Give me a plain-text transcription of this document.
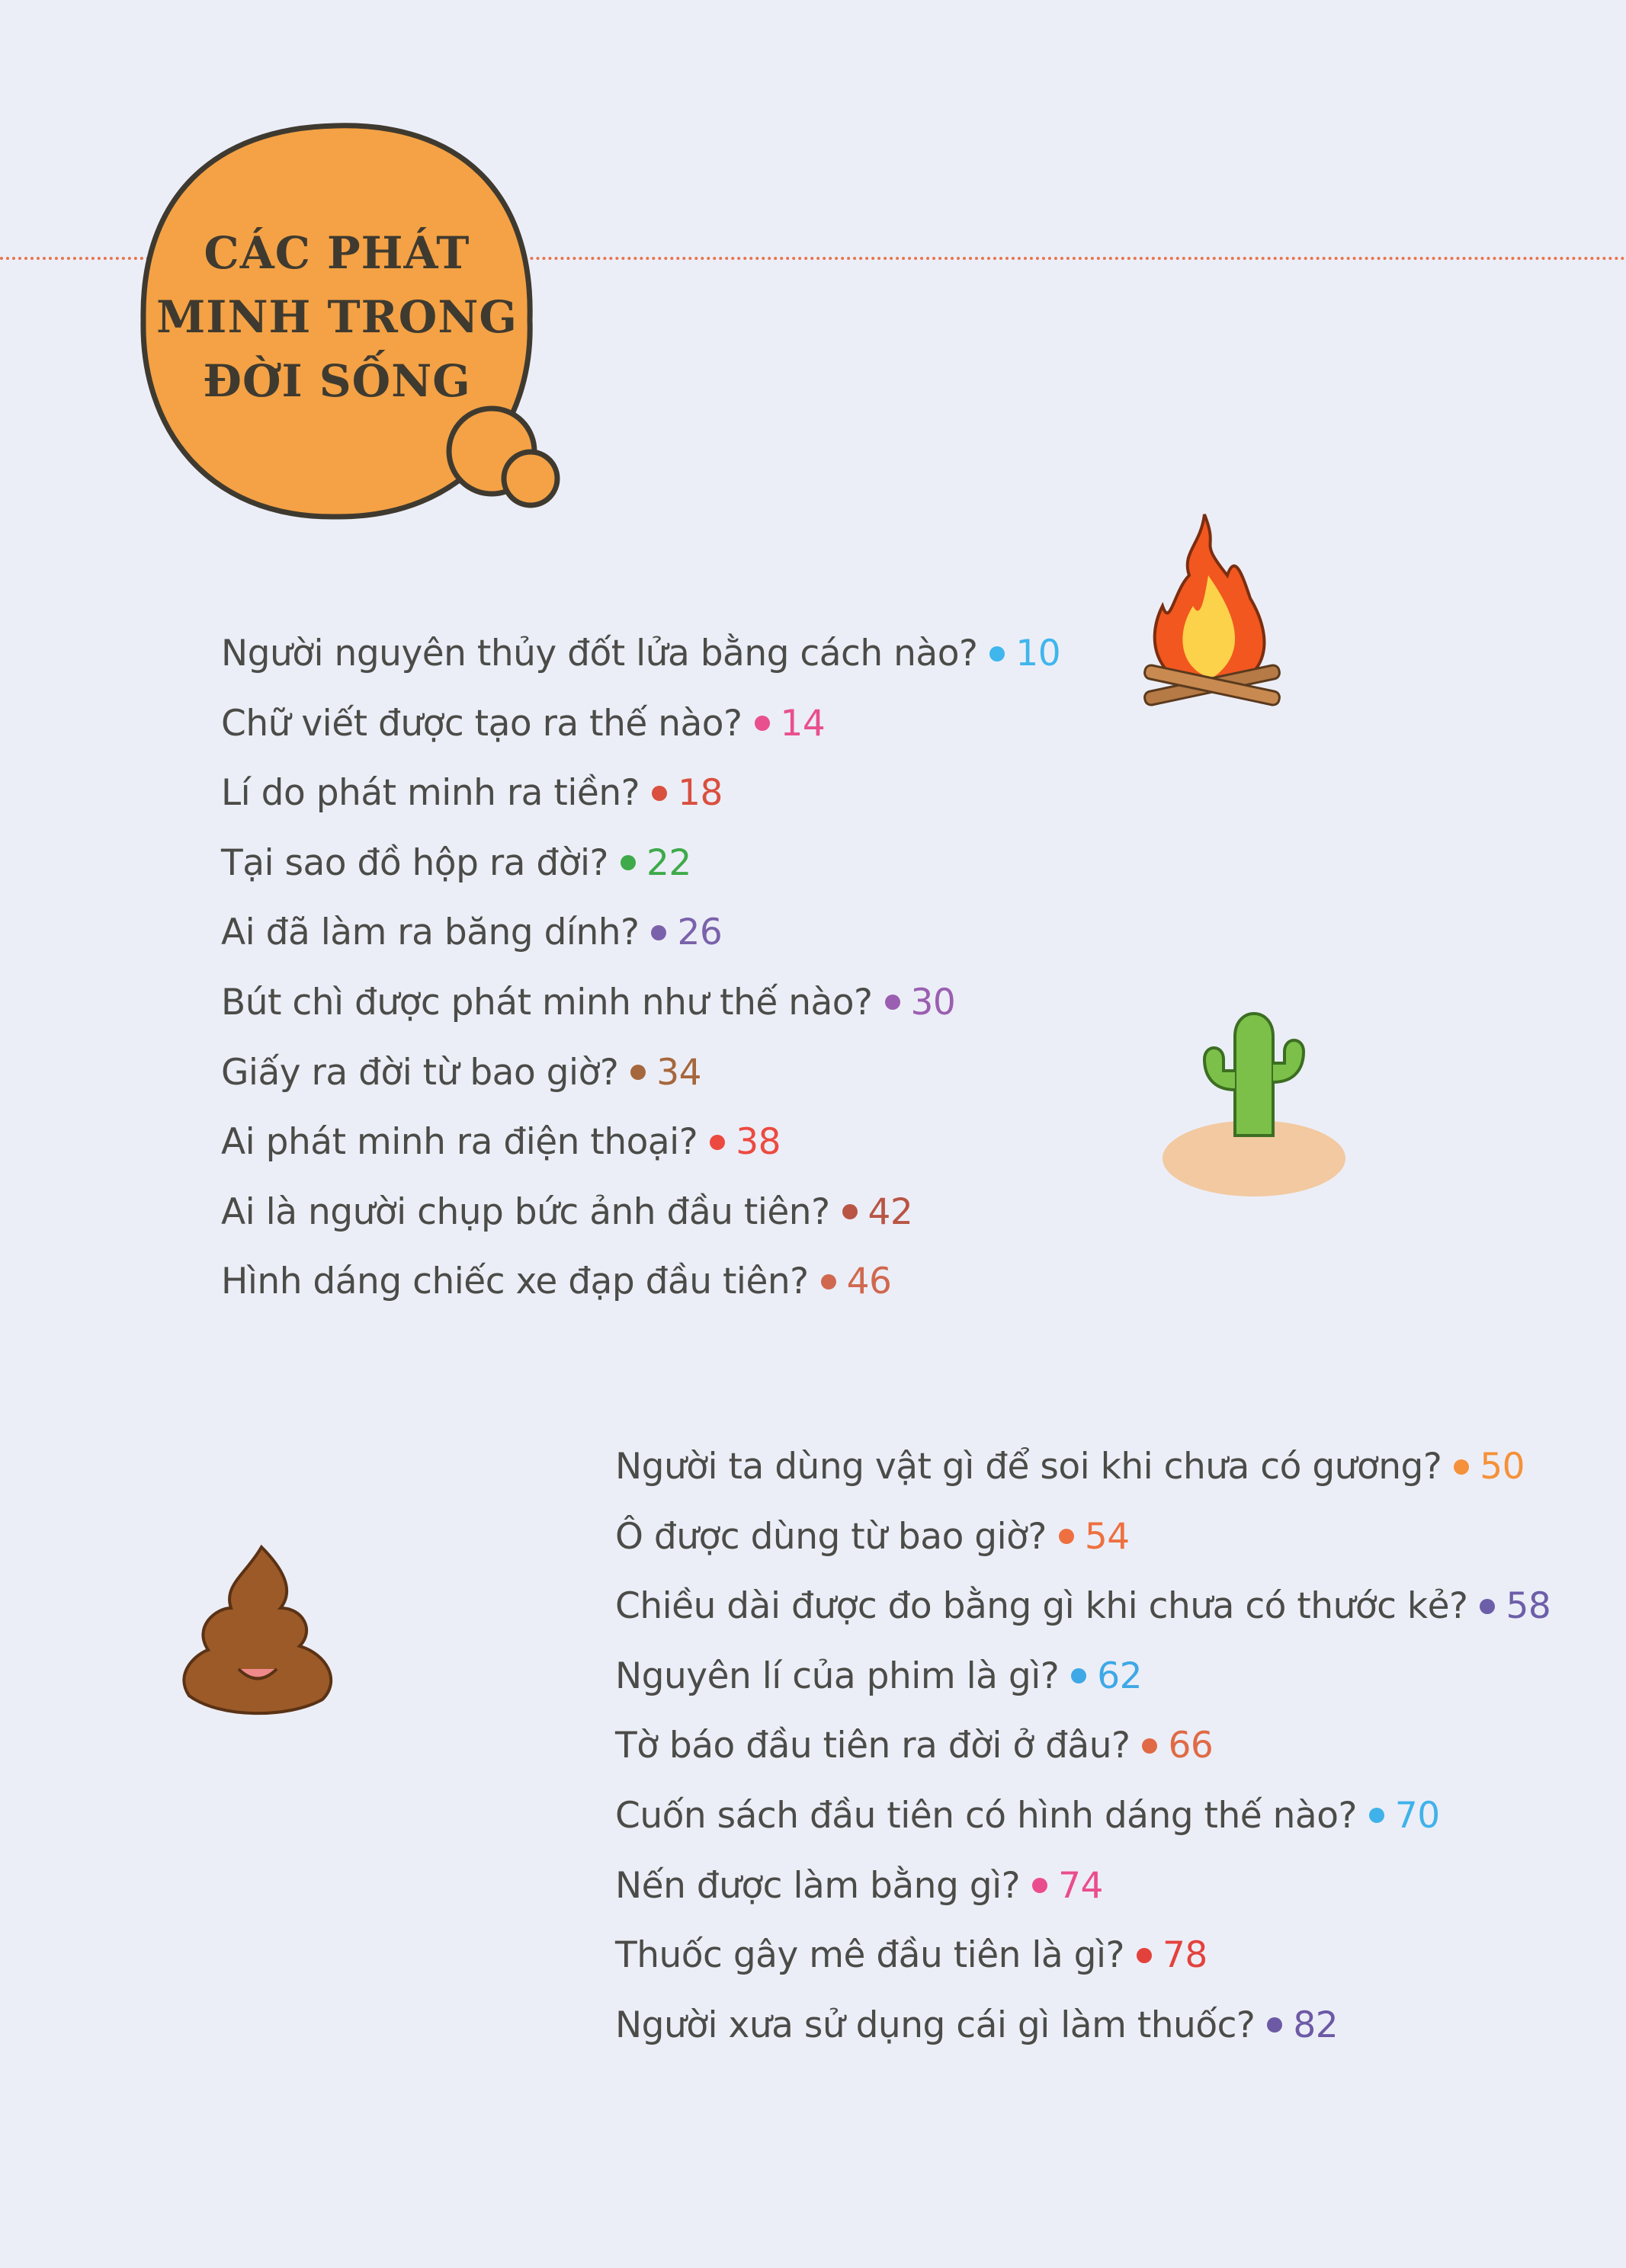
CÁC PHÁT
MINH TRONG
ĐỜI SỐNG
Người nguyên thủy đốt lửa bằng cách nào? 10
Chữ viết được tạo ra thế nào? 14
Lí do phát minh ra tiền? 18
Tại sao đồ hộp ra đời? 22
Ai đã làm ra băng dính? 26
Bút chì được phát minh như thế nào? 30
Giấy ra đời từ bao giờ? 34
Ai phát minh ra điện thoại? 38
Ai là người chụp bức ảnh đầu tiên? 42
Hình dáng chiếc xe đạp đầu tiên? 46
Người ta dùng vật gì để soi khi chưa có gương? 50
Ô được dùng từ bao giờ? 54
Chiều dài được đo bằng gì khi chưa có thước kẻ? 58
Nguyên lí của phim là gì? 62
Tờ báo đầu tiên ra đời ở đâu? 66
Cuốn sách đầu tiên có hình dáng thế nào? 70
Nến được làm bằng gì? 74
Thuốc gây mê đầu tiên là gì? 78
Người xưa sử dụng cái gì làm thuốc? 82
